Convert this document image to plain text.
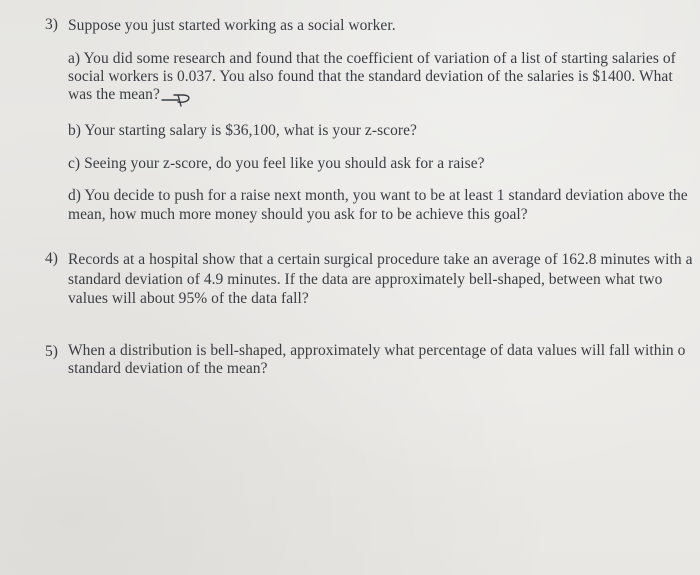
3) Suppose you just started working as a social worker.
a) You did some research and found that the coefficient of variation of a list of starting salaries of
social workers is 0.037. You also found that the standard deviation of the salaries is $1400. What
was the mean?
b) Your starting salary is $36,100, what is your z-score?
c) Seeing your z-score, do you feel like you should ask for a raise?
d) You decide to push for a raise next month, you want to be at least 1 standard deviation above the
mean, how much more money should you ask for to be achieve this goal?
4) Records at a hospital show that a certain surgical procedure take an average of 162.8 minutes with a
standard deviation of 4.9 minutes. If the data are approximately bell-shaped, between what two
values will about 95% of the data fall?
5) When a distribution is bell-shaped, approximately what percentage of data values will fall within o
standard deviation of the mean?
